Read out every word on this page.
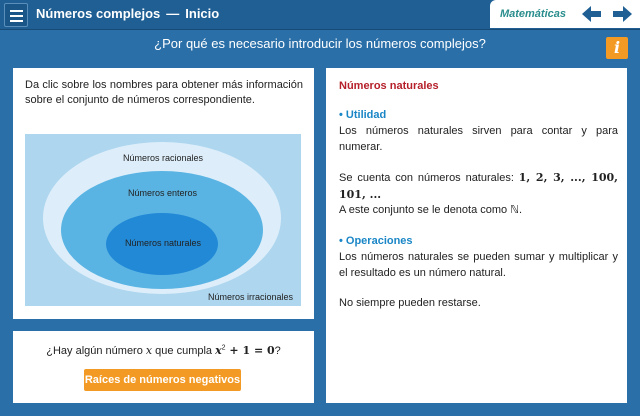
Números complejos — Inicio	Matemáticas
¿Por qué es necesario introducir los números complejos?	i
Da clic sobre los nombres para obtener más información sobre el conjunto de números correspondiente.
Números racionales
Números enteros
Números naturales
Números irracionales
¿Hay algún número x que cumpla $x^2 + 1 = 0$?
Raíces de números negativos
Números naturales
• Utilidad
Los números naturales sirven para contar y para numerar.
Se cuenta con números naturales: 1, 2, 3, ..., 100, 101, ...
A este conjunto se le denota como ℕ.
• Operaciones
Los números naturales se pueden sumar y multiplicar y el resultado es un número natural.
No siempre pueden restarse.
